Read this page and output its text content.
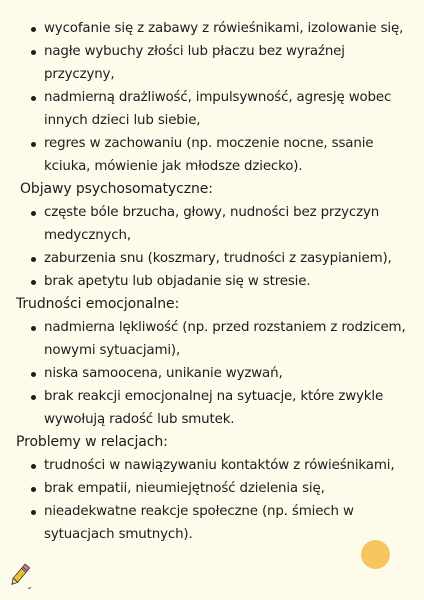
wycofanie się z zabawy z rówieśnikami, izolowanie się,
nagłe wybuchy złości lub płaczu bez wyraźnej przyczyny,
nadmierną drażliwość, impulsywność, agresję wobec innych dzieci lub siebie,
regres w zachowaniu (np. moczenie nocne, ssanie kciuka, mówienie jak młodsze dziecko).

Objawy psychosomatyczne:

częste bóle brzucha, głowy, nudności bez przyczyn medycznych,
zaburzenia snu (koszmary, trudności z zasypianiem),
brak apetytu lub objadanie się w stresie.

Trudności emocjonalne:

nadmierna lękliwość (np. przed rozstaniem z rodzicem, nowymi sytuacjami),
niska samoocena, unikanie wyzwań,
brak reakcji emocjonalnej na sytuacje, które zwykle wywołują radość lub smutek.

Problemy w relacjach:

trudności w nawiązywaniu kontaktów z rówieśnikami,
brak empatii, nieumiejętność dzielenia się,
nieadekwatne reakcje społeczne (np. śmiech w sytuacjach smutnych).
